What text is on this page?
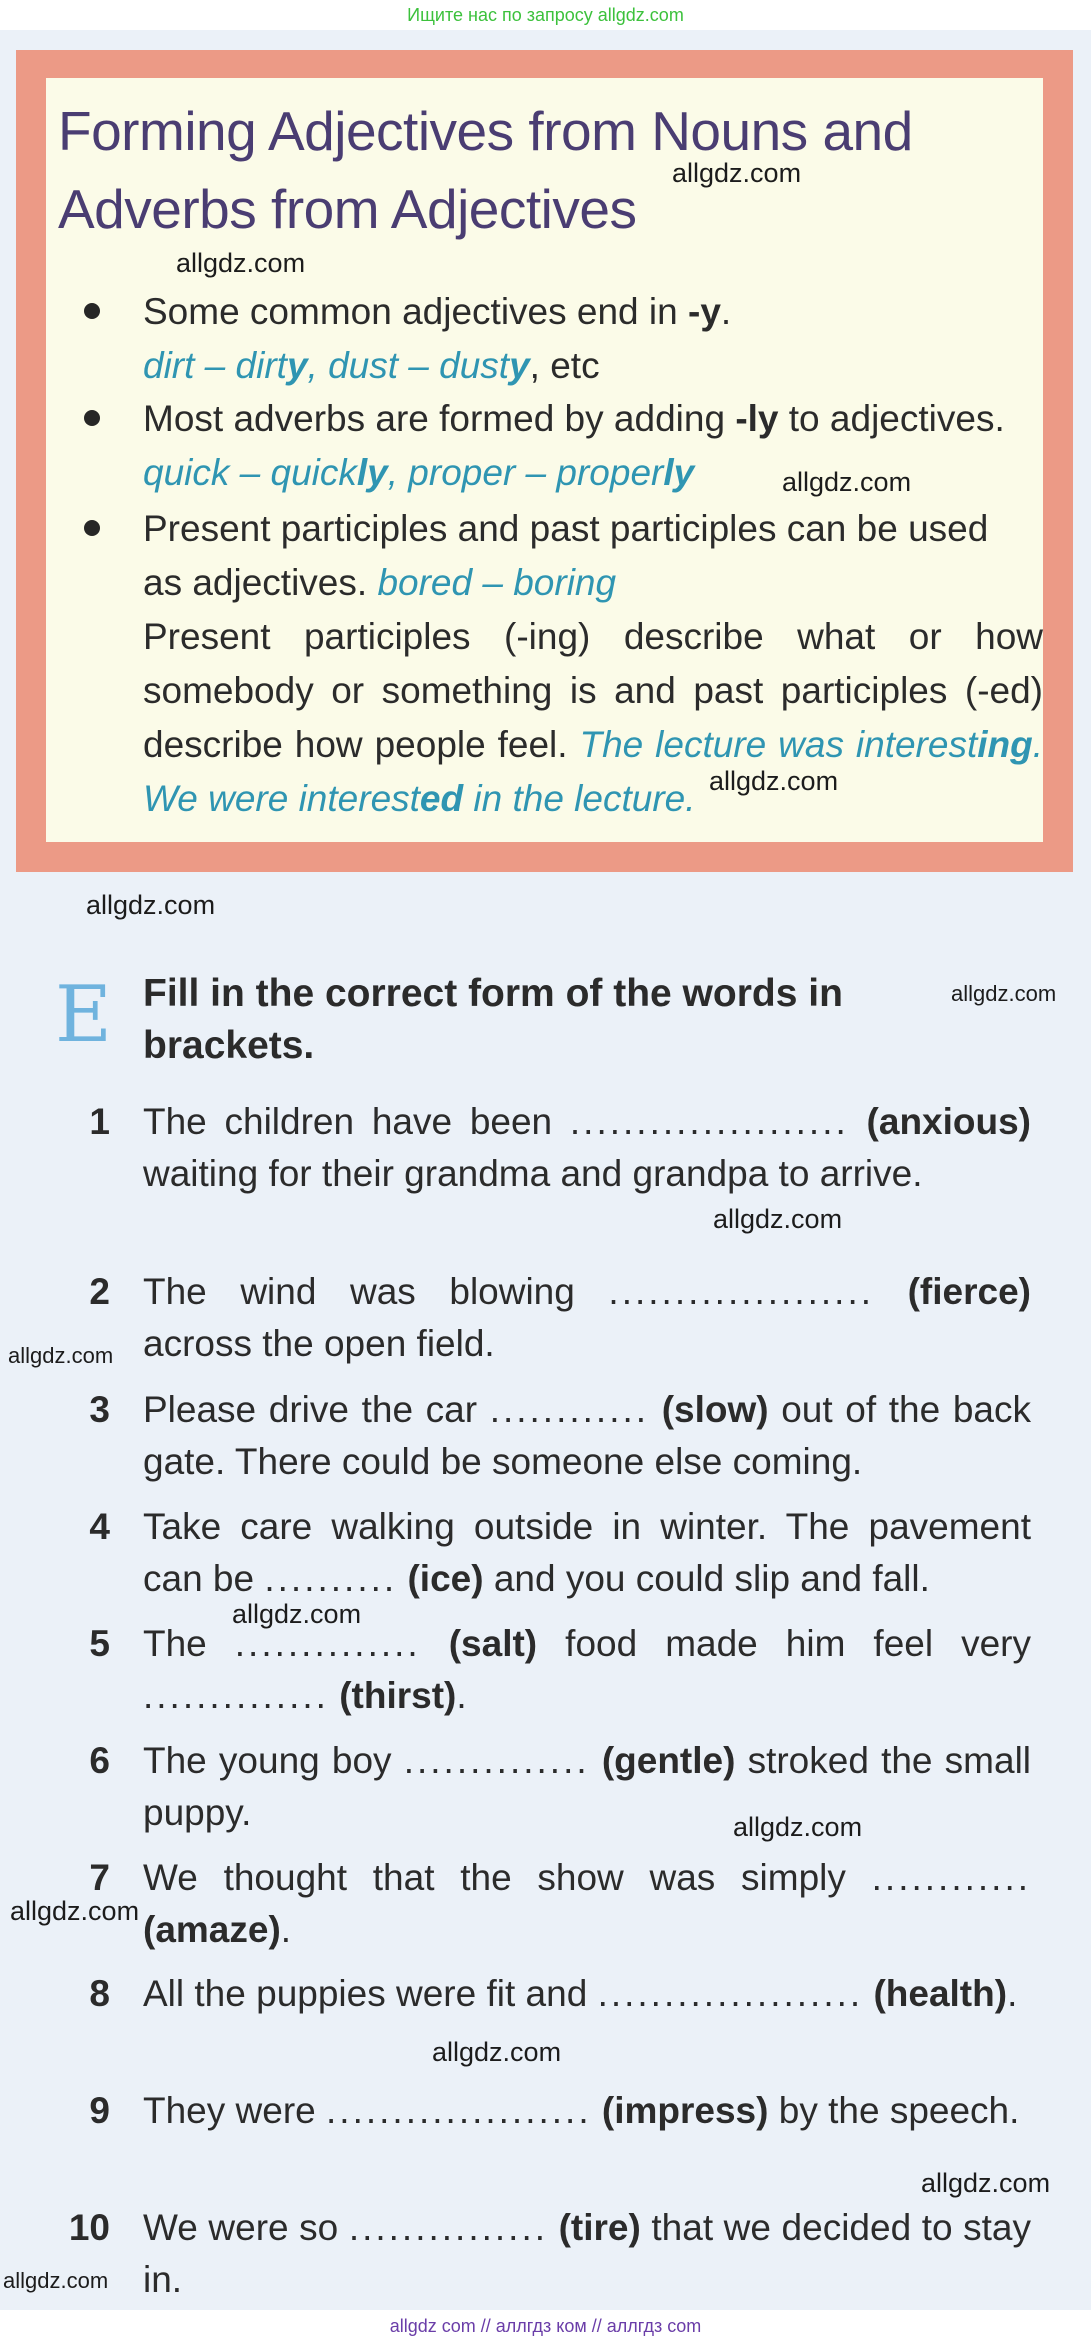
Ищите нас по запросу allgdz.com
Forming Adjectives from Nouns and
Adverbs from Adjectives
Some common adjectives end in -y.
dirt – dirty, dust – dusty, etc
Most adverbs are formed by adding -ly to adjectives.
quick – quickly, proper – properly
Present participles and past participles can be used
as adjectives. bored – boring
Present participles (-ing) describe what or how somebody or something is and past participles (-ed) describe how people feel. The lecture was interesting. We were interested in the lecture.
E Fill in the correct form of the words in brackets.
1 The children have been ..................... (anxious) waiting for their grandma and grandpa to arrive.
2 The wind was blowing .................... (fierce) across the open field.
3 Please drive the car ............ (slow) out of the back gate. There could be someone else coming.
4 Take care walking outside in winter. The pavement can be .......... (ice) and you could slip and fall.
5 The .............. (salt) food made him feel very .............. (thirst).
6 The young boy .............. (gentle) stroked the small puppy.
7 We thought that the show was simply ............ (amaze).
8 All the puppies were fit and .................... (health).
9 They were .................... (impress) by the speech.
10 We were so ............... (tire) that we decided to stay in.
allgdz.com
allgdz.com
allgdz.com
allgdz.com
allgdz.com
allgdz.com
allgdz.com
allgdz.com
allgdz.com
allgdz.com
allgdz.com
allgdz.com
allgdz.com
allgdz.com
allgdz com // аллгдз ком // аллгдз com
